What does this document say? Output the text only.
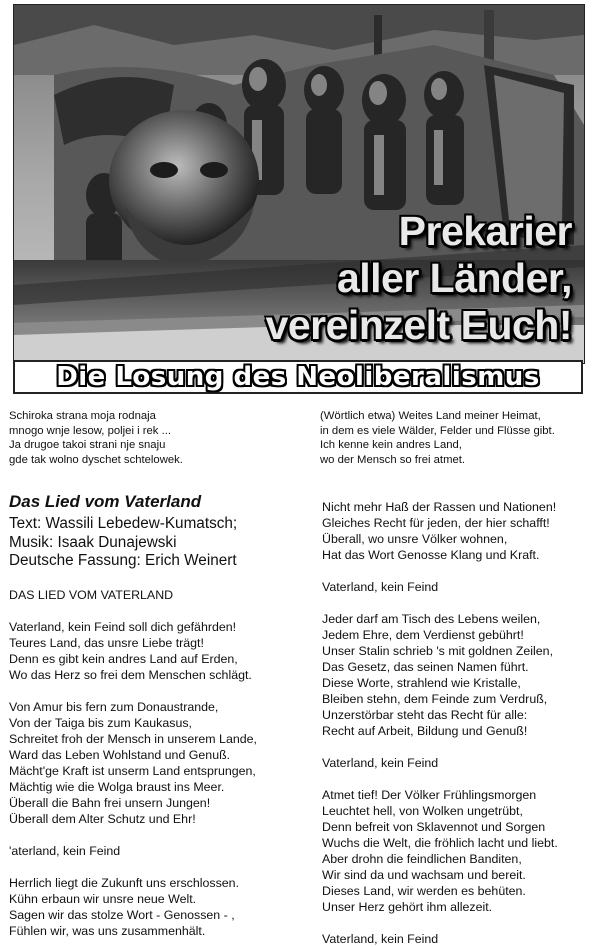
Prekarier
aller Länder,
vereinzelt Euch!
Die Losung des Neoliberalismus
Schiroka strana moja rodnaja
mnogo wnje lesow, poljei i rek ...
Ja drugoe takoi strani nje snaju
gde tak wolno dyschet schtelowek.
(Wörtlich etwa) Weites Land meiner Heimat,
in dem es viele Wälder, Felder und Flüsse gibt.
Ich kenne kein andres Land,
wo der Mensch so frei atmet.
Das Lied vom Vaterland
Text: Wassili Lebedew-Kumatsch;
Musik: Isaak Dunajewski
Deutsche Fassung: Erich Weinert
DAS LIED VOM VATERLAND
Vaterland, kein Feind soll dich gefährden!
Teures Land, das unsre Liebe trägt!
Denn es gibt kein andres Land auf Erden,
Wo das Herz so frei dem Menschen schlägt.
Von Amur bis fern zum Donaustrande,
Von der Taiga bis zum Kaukasus,
Schreitet froh der Mensch in unserem Lande,
Ward das Leben Wohlstand und Genuß.
Mächt'ge Kraft ist unserm Land entsprungen,
Mächtig wie die Wolga braust ins Meer.
Überall die Bahn frei unsern Jungen!
Überall dem Alter Schutz und Ehr!
'aterland, kein Feind
Herrlich liegt die Zukunft uns erschlossen.
Kühn erbaun wir unsre neue Welt.
Sagen wir das stolze Wort - Genossen - ,
Fühlen wir, was uns zusammenhält.
Nicht mehr Haß der Rassen und Nationen!
Gleiches Recht für jeden, der hier schafft!
Überall, wo unsre Völker wohnen,
Hat das Wort Genosse Klang und Kraft.
Vaterland, kein Feind
Jeder darf am Tisch des Lebens weilen,
Jedem Ehre, dem Verdienst gebührt!
Unser Stalin schrieb 's mit goldnen Zeilen,
Das Gesetz, das seinen Namen führt.
Diese Worte, strahlend wie Kristalle,
Bleiben stehn, dem Feinde zum Verdruß,
Unzerstörbar steht das Recht für alle:
Recht auf Arbeit, Bildung und Genuß!
Vaterland, kein Feind
Atmet tief! Der Völker Frühlingsmorgen
Leuchtet hell, von Wolken ungetrübt,
Denn befreit von Sklavennot und Sorgen
Wuchs die Welt, die fröhlich lacht und liebt.
Aber drohn die feindlichen Banditen,
Wir sind da und wachsam und bereit.
Dieses Land, wir werden es behüten.
Unser Herz gehört ihm allezeit.
Vaterland, kein Feind
